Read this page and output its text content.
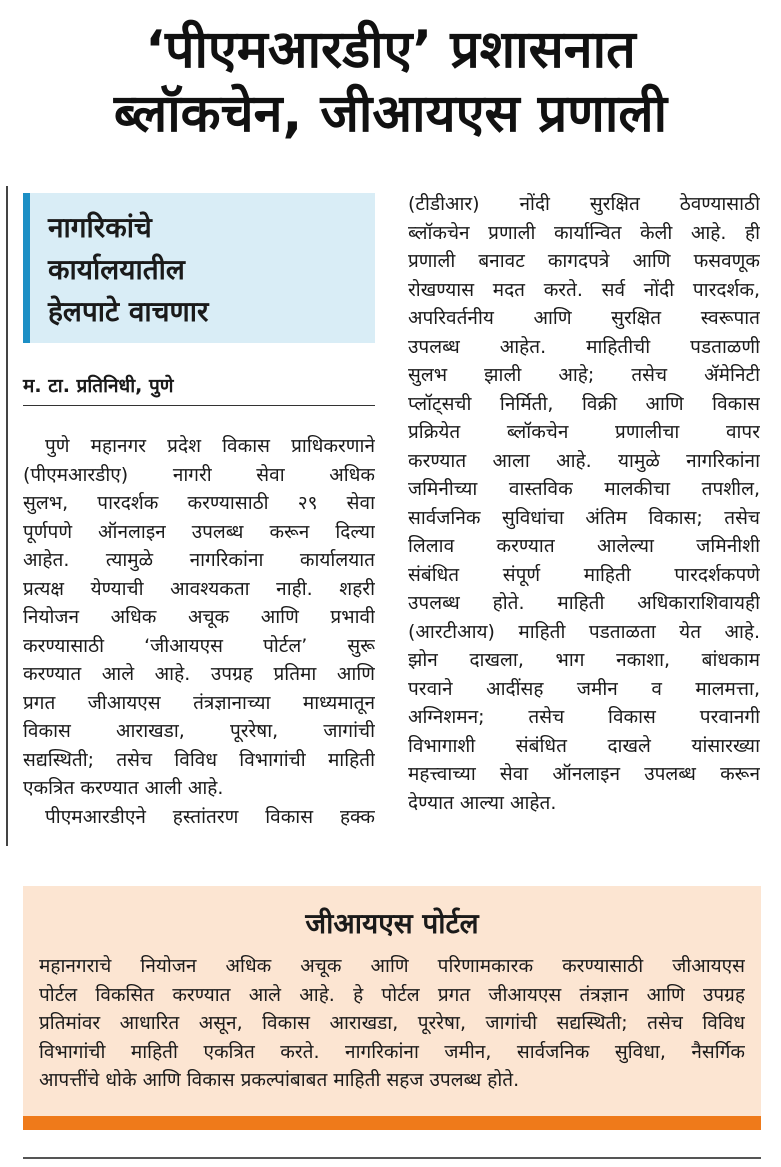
‘पीएमआरडीए’ प्रशासनात
ब्लॉकचेन, जीआयएस प्रणाली
नागरिकांचे
कार्यालयातील
हेलपाटे वाचणार
म. टा. प्रतिनिधी, पुणे
पुणे महानगर प्रदेश विकास प्राधिकरणाने
(पीएमआरडीए) नागरी सेवा अधिक
सुलभ, पारदर्शक करण्यासाठी २९ सेवा
पूर्णपणे ऑनलाइन उपलब्ध करून दिल्या
आहेत. त्यामुळे नागरिकांना कार्यालयात
प्रत्यक्ष येण्याची आवश्यकता नाही. शहरी
नियोजन अधिक अचूक आणि प्रभावी
करण्यासाठी ‘जीआयएस पोर्टल’ सुरू
करण्यात आले आहे. उपग्रह प्रतिमा आणि
प्रगत जीआयएस तंत्रज्ञानाच्या माध्यमातून
विकास आराखडा, पूररेषा, जागांची
सद्यस्थिती; तसेच विविध विभागांची माहिती
एकत्रित करण्यात आली आहे.
पीएमआरडीएने हस्तांतरण विकास हक्क
(टीडीआर) नोंदी सुरक्षित ठेवण्यासाठी
ब्लॉकचेन प्रणाली कार्यान्वित केली आहे. ही
प्रणाली बनावट कागदपत्रे आणि फसवणूक
रोखण्यास मदत करते. सर्व नोंदी पारदर्शक,
अपरिवर्तनीय आणि सुरक्षित स्वरूपात
उपलब्ध आहेत. माहितीची पडताळणी
सुलभ झाली आहे; तसेच ॲमेनिटी
प्लॉट्सची निर्मिती, विक्री आणि विकास
प्रक्रियेत ब्लॉकचेन प्रणालीचा वापर
करण्यात आला आहे. यामुळे नागरिकांना
जमिनीच्या वास्तविक मालकीचा तपशील,
सार्वजनिक सुविधांचा अंतिम विकास; तसेच
लिलाव करण्यात आलेल्या जमिनीशी
संबंधित संपूर्ण माहिती पारदर्शकपणे
उपलब्ध होते. माहिती अधिकाराशिवायही
(आरटीआय) माहिती पडताळता येत आहे.
झोन दाखला, भाग नकाशा, बांधकाम
परवाने आदींसह जमीन व मालमत्ता,
अग्निशमन; तसेच विकास परवानगी
विभागाशी संबंधित दाखले यांसारख्या
महत्त्वाच्या सेवा ऑनलाइन उपलब्ध करून
देण्यात आल्या आहेत.
जीआयएस पोर्टल
महानगराचे नियोजन अधिक अचूक आणि परिणामकारक करण्यासाठी जीआयएस
पोर्टल विकसित करण्यात आले आहे. हे पोर्टल प्रगत जीआयएस तंत्रज्ञान आणि उपग्रह
प्रतिमांवर आधारित असून, विकास आराखडा, पूररेषा, जागांची सद्यस्थिती; तसेच विविध
विभागांची माहिती एकत्रित करते. नागरिकांना जमीन, सार्वजनिक सुविधा, नैसर्गिक
आपत्तींचे धोके आणि विकास प्रकल्पांबाबत माहिती सहज उपलब्ध होते.
